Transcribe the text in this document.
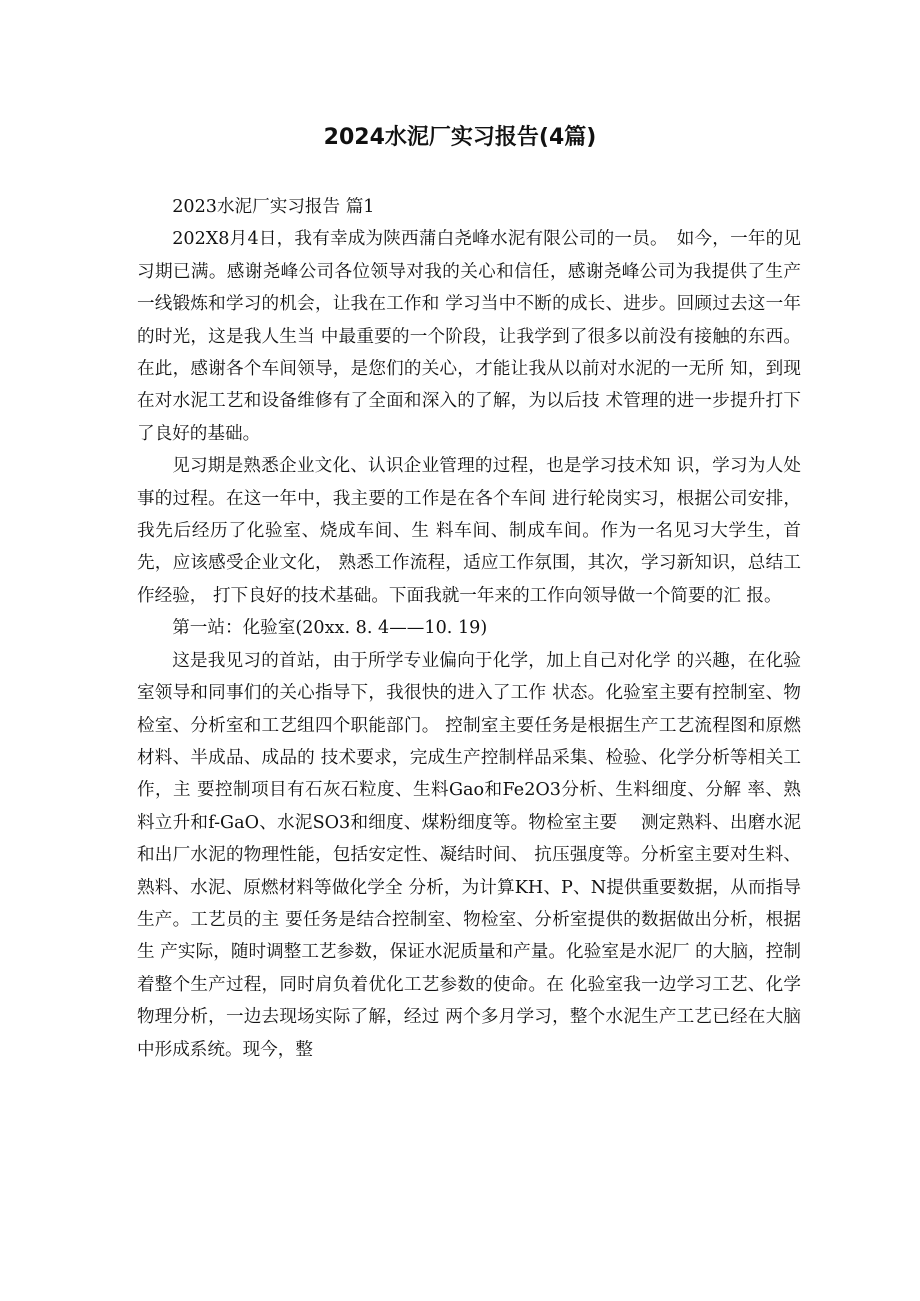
2024水泥厂实习报告(4篇)

2023水泥厂实习报告 篇1

202X8月4日，我有幸成为陕西蒲白尧峰水泥有限公司的一员。　如今，一年的见习期已满。感谢尧峰公司各位领导对我的关心和信任，感谢尧峰公司为我提供了生产一线锻炼和学习的机会，让我在工作和 学习当中不断的成长、进步。回顾过去这一年的时光，这是我人生当 中最重要的一个阶段，让我学到了很多以前没有接触的东西。在此，感谢各个车间领导，是您们的关心，才能让我从以前对水泥的一无所 知，到现在对水泥工艺和设备维修有了全面和深入的了解，为以后技 术管理的进一步提升打下了良好的基础。

见习期是熟悉企业文化、认识企业管理的过程，也是学习技术知 识，学习为人处事的过程。在这一年中，我主要的工作是在各个车间 进行轮岗实习，根据公司安排，我先后经历了化验室、烧成车间、生 料车间、制成车间。作为一名见习大学生，首先，应该感受企业文化， 熟悉工作流程，适应工作氛围，其次，学习新知识，总结工作经验， 打下良好的技术基础。下面我就一年来的工作向领导做一个简要的汇 报。

第一站：化验室(20xx. 8. 4——10. 19)

这是我见习的首站，由于所学专业偏向于化学，加上自己对化学 的兴趣，在化验室领导和同事们的关心指导下，我很快的进入了工作 状态。化验室主要有控制室、物检室、分析室和工艺组四个职能部门。 控制室主要任务是根据生产工艺流程图和原燃材料、半成品、成品的 技术要求，完成生产控制样品采集、检验、化学分析等相关工作，主 要控制项目有石灰石粒度、生料Gao和Fe2O3分析、生料细度、分解 率、熟料立升和f-GaO、水泥SO3和细度、煤粉细度等。物检室主要　 测定熟料、出磨水泥和出厂水泥的物理性能，包括安定性、凝结时间、 抗压强度等。分析室主要对生料、熟料、水泥、原燃材料等做化学全 分析，为计算KH、P、N提供重要数据，从而指导生产。工艺员的主 要任务是结合控制室、物检室、分析室提供的数据做出分析，根据生 产实际，随时调整工艺参数，保证水泥质量和产量。化验室是水泥厂 的大脑，控制着整个生产过程，同时肩负着优化工艺参数的使命。在 化验室我一边学习工艺、化学物理分析，一边去现场实际了解，经过 两个多月学习，整个水泥生产工艺已经在大脑中形成系统。现今，整
